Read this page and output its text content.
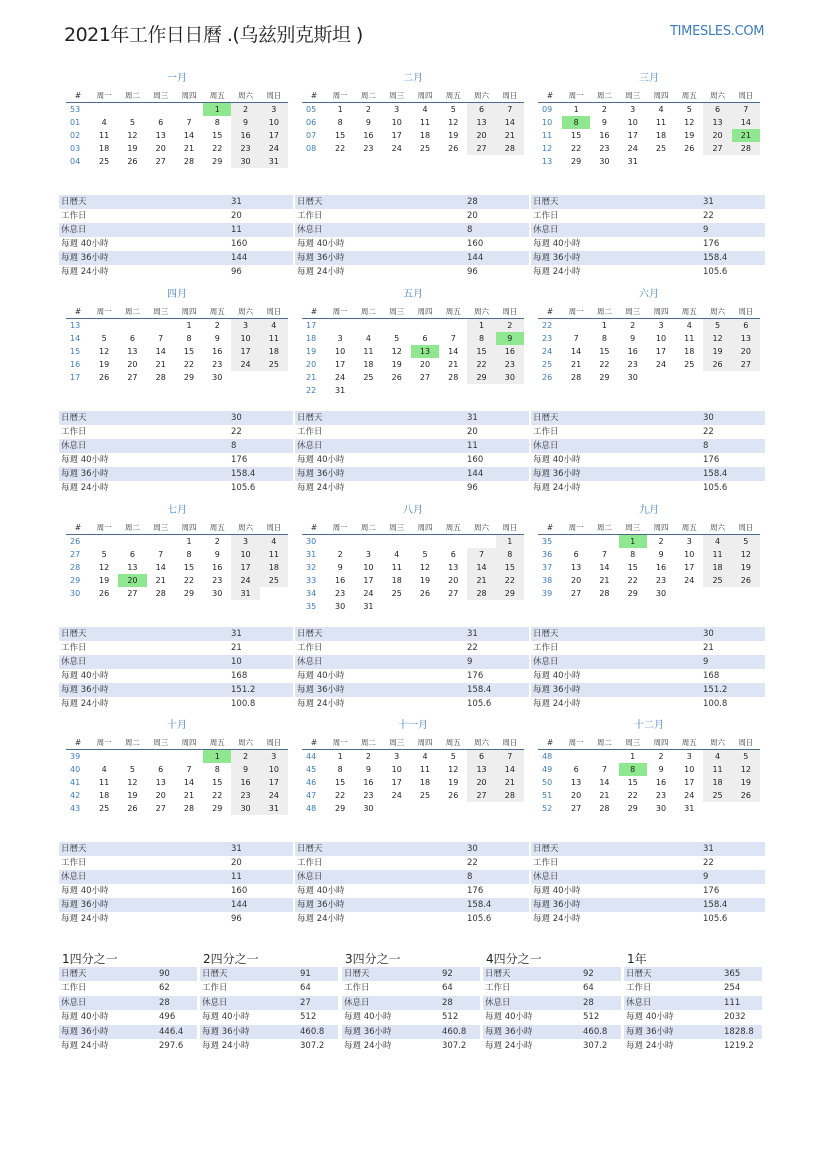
2021年工作日日曆 .(乌兹别克斯坦 )	TIMESLES.COM
一月
#	周一	周二	周三	周四	周五	周六	周日
53					1	2	3
01	4	5	6	7	8	9	10
02	11	12	13	14	15	16	17
03	18	19	20	21	22	23	24
04	25	26	27	28	29	30	31
日曆天	31
工作日	20
休息日	11
每週 40小時	160
每週 36小時	144
每週 24小時	96
二月
#	周一	周二	周三	周四	周五	周六	周日
05	1	2	3	4	5	6	7
06	8	9	10	11	12	13	14
07	15	16	17	18	19	20	21
08	22	23	24	25	26	27	28
日曆天	28
工作日	20
休息日	8
每週 40小時	160
每週 36小時	144
每週 24小時	96
三月
#	周一	周二	周三	周四	周五	周六	周日
09	1	2	3	4	5	6	7
10	8	9	10	11	12	13	14
11	15	16	17	18	19	20	21
12	22	23	24	25	26	27	28
13	29	30	31				
日曆天	31
工作日	22
休息日	9
每週 40小時	176
每週 36小時	158.4
每週 24小時	105.6
四月
#	周一	周二	周三	周四	周五	周六	周日
13				1	2	3	4
14	5	6	7	8	9	10	11
15	12	13	14	15	16	17	18
16	19	20	21	22	23	24	25
17	26	27	28	29	30		
日曆天	30
工作日	22
休息日	8
每週 40小時	176
每週 36小時	158.4
每週 24小時	105.6
五月
#	周一	周二	周三	周四	周五	周六	周日
17						1	2
18	3	4	5	6	7	8	9
19	10	11	12	13	14	15	16
20	17	18	19	20	21	22	23
21	24	25	26	27	28	29	30
22	31						
日曆天	31
工作日	20
休息日	11
每週 40小時	160
每週 36小時	144
每週 24小時	96
六月
#	周一	周二	周三	周四	周五	周六	周日
22		1	2	3	4	5	6
23	7	8	9	10	11	12	13
24	14	15	16	17	18	19	20
25	21	22	23	24	25	26	27
26	28	29	30				
日曆天	30
工作日	22
休息日	8
每週 40小時	176
每週 36小時	158.4
每週 24小時	105.6
七月
#	周一	周二	周三	周四	周五	周六	周日
26				1	2	3	4
27	5	6	7	8	9	10	11
28	12	13	14	15	16	17	18
29	19	20	21	22	23	24	25
30	26	27	28	29	30	31	
日曆天	31
工作日	21
休息日	10
每週 40小時	168
每週 36小時	151.2
每週 24小時	100.8
八月
#	周一	周二	周三	周四	周五	周六	周日
30							1
31	2	3	4	5	6	7	8
32	9	10	11	12	13	14	15
33	16	17	18	19	20	21	22
34	23	24	25	26	27	28	29
35	30	31					
日曆天	31
工作日	22
休息日	9
每週 40小時	176
每週 36小時	158.4
每週 24小時	105.6
九月
#	周一	周二	周三	周四	周五	周六	周日
35			1	2	3	4	5
36	6	7	8	9	10	11	12
37	13	14	15	16	17	18	19
38	20	21	22	23	24	25	26
39	27	28	29	30			
日曆天	30
工作日	21
休息日	9
每週 40小時	168
每週 36小時	151.2
每週 24小時	100.8
十月
#	周一	周二	周三	周四	周五	周六	周日
39					1	2	3
40	4	5	6	7	8	9	10
41	11	12	13	14	15	16	17
42	18	19	20	21	22	23	24
43	25	26	27	28	29	30	31
日曆天	31
工作日	20
休息日	11
每週 40小時	160
每週 36小時	144
每週 24小時	96
十一月
#	周一	周二	周三	周四	周五	周六	周日
44	1	2	3	4	5	6	7
45	8	9	10	11	12	13	14
46	15	16	17	18	19	20	21
47	22	23	24	25	26	27	28
48	29	30					
日曆天	30
工作日	22
休息日	8
每週 40小時	176
每週 36小時	158.4
每週 24小時	105.6
十二月
#	周一	周二	周三	周四	周五	周六	周日
48			1	2	3	4	5
49	6	7	8	9	10	11	12
50	13	14	15	16	17	18	19
51	20	21	22	23	24	25	26
52	27	28	29	30	31		
日曆天	31
工作日	22
休息日	9
每週 40小時	176
每週 36小時	158.4
每週 24小時	105.6
1四分之一
日曆天	90
工作日	62
休息日	28
每週 40小時	496
每週 36小時	446.4
每週 24小時	297.6
2四分之一
日曆天	91
工作日	64
休息日	27
每週 40小時	512
每週 36小時	460.8
每週 24小時	307.2
3四分之一
日曆天	92
工作日	64
休息日	28
每週 40小時	512
每週 36小時	460.8
每週 24小時	307.2
4四分之一
日曆天	92
工作日	64
休息日	28
每週 40小時	512
每週 36小時	460.8
每週 24小時	307.2
1年
日曆天	365
工作日	254
休息日	111
每週 40小時	2032
每週 36小時	1828.8
每週 24小時	1219.2
